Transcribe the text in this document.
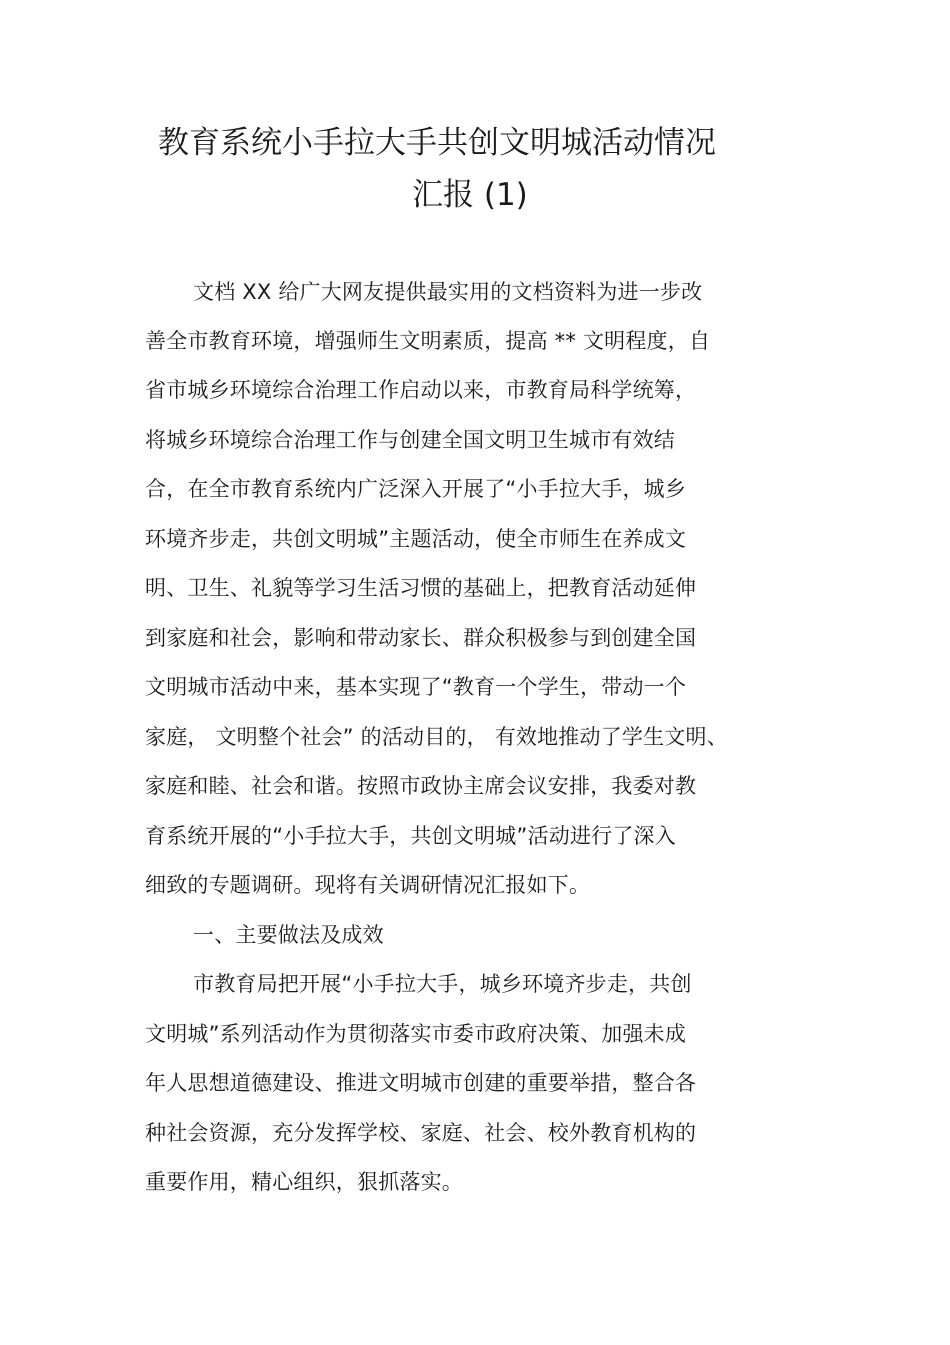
教育系统小手拉大手共创文明城活动情况
汇报 (1)
文档 XX 给广大网友提供最实用的文档资料为进一步改
善全市教育环境，增强师生文明素质，提高 ** 文明程度，自
省市城乡环境综合治理工作启动以来，市教育局科学统筹，
将城乡环境综合治理工作与创建全国文明卫生城市有效结
合，在全市教育系统内广泛深入开展了“小手拉大手，城乡
环境齐步走，共创文明城”主题活动，使全市师生在养成文
明、卫生、礼貌等学习生活习惯的基础上，把教育活动延伸
到家庭和社会，影响和带动家长、群众积极参与到创建全国
文明城市活动中来，基本实现了“教育一个学生，带动一个
家庭， 文明整个社会” 的活动目的， 有效地推动了学生文明、
家庭和睦、社会和谐。按照市政协主席会议安排，我委对教
育系统开展的“小手拉大手，共创文明城”活动进行了深入
细致的专题调研。现将有关调研情况汇报如下。
一、主要做法及成效
市教育局把开展“小手拉大手，城乡环境齐步走，共创
文明城”系列活动作为贯彻落实市委市政府决策、加强未成
年人思想道德建设、推进文明城市创建的重要举措，整合各
种社会资源，充分发挥学校、家庭、社会、校外教育机构的
重要作用，精心组织，狠抓落实。
